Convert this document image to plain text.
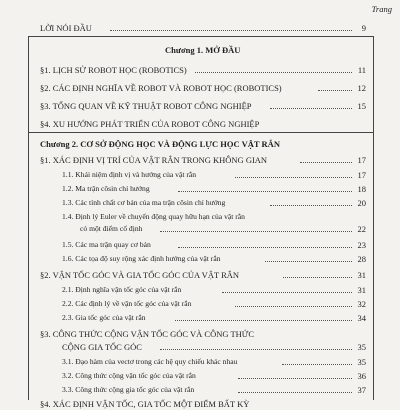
Trang
LỜI NÓI ĐẦU	9
Chương 1. MỞ ĐẦU
§1. LỊCH SỬ ROBOT HỌC (ROBOTICS)	11
§2. CÁC ĐỊNH NGHĨA VỀ ROBOT VÀ ROBOT HỌC (ROBOTICS)	12
§3. TỔNG QUAN VỀ KỸ THUẬT ROBOT CÔNG NGHIỆP	15
§4. XU HƯỚNG PHÁT TRIỂN CỦA ROBOT CÔNG NGHIỆP
Chương 2. CƠ SỞ ĐỘNG HỌC VÀ ĐỘNG LỰC HỌC VẬT RẮN
§1. XÁC ĐỊNH VỊ TRÍ CỦA VẬT RẮN TRONG KHÔNG GIAN	17
1.1. Khái niệm định vị và hướng của vật rắn	17
1.2. Ma trận côsin chỉ hướng	18
1.3. Các tính chất cơ bản của ma trận côsin chỉ hướng	20
1.4. Định lý Euler về chuyển động quay hữu hạn của vật rắn
có một điểm cố định	22
1.5. Các ma trận quay cơ bản	23
1.6. Các tọa độ suy rộng xác định hướng của vật rắn	28
§2. VẬN TỐC GÓC VÀ GIA TỐC GÓC CỦA VẬT RẮN	31
2.1. Định nghĩa vận tốc góc của vật rắn	31
2.2. Các định lý về vận tốc góc của vật rắn	32
2.3. Gia tốc góc của vật rắn	34
§3. CÔNG THỨC CỘNG VẬN TỐC GÓC VÀ CÔNG THỨC
CỘNG GIA TỐC GÓC	35
3.1. Đạo hàm của vectơ trong các hệ quy chiếu khác nhau	35
3.2. Công thức cộng vận tốc góc của vật rắn	36
3.3. Công thức cộng gia tốc góc của vật rắn	37
§4. XÁC ĐỊNH VẬN TỐC, GIA TỐC MỘT ĐIỂM BẤT KỲ
